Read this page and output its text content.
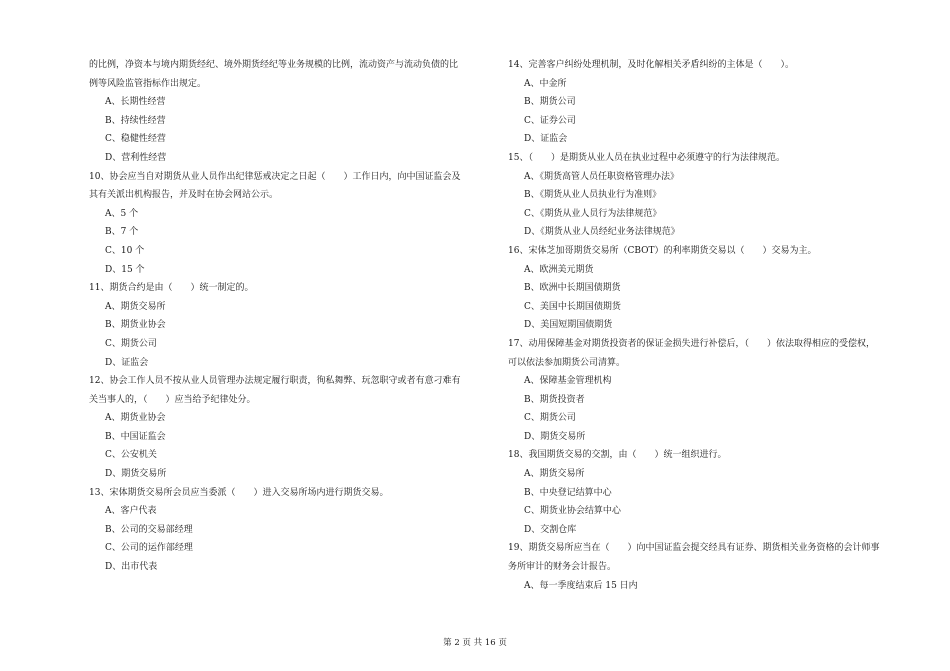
的比例，净资本与境内期货经纪、境外期货经纪等业务规模的比例，流动资产与流动负债的比
例等风险监管指标作出规定。
A、长期性经营
B、持续性经营
C、稳健性经营
D、营利性经营
10、协会应当自对期货从业人员作出纪律惩戒决定之日起（　　）工作日内，向中国证监会及
其有关派出机构报告，并及时在协会网站公示。
A、5 个
B、7 个
C、10 个
D、15 个
11、期货合约是由（　　）统一制定的。
A、期货交易所
B、期货业协会
C、期货公司
D、证监会
12、协会工作人员不按从业人员管理办法规定履行职责，徇私舞弊、玩忽职守或者有意刁难有
关当事人的，（　　）应当给予纪律处分。
A、期货业协会
B、中国证监会
C、公安机关
D、期货交易所
13、宋体期货交易所会员应当委派（　　）进入交易所场内进行期货交易。
A、客户代表
B、公司的交易部经理
C、公司的运作部经理
D、出市代表
14、完善客户纠纷处理机制，及时化解相关矛盾纠纷的主体是（　　）。
A、中金所
B、期货公司
C、证券公司
D、证监会
15、（　　）是期货从业人员在执业过程中必须遵守的行为法律规范。
A、《期货高管人员任职资格管理办法》
B、《期货从业人员执业行为准则》
C、《期货从业人员行为法律规范》
D、《期货从业人员经纪业务法律规范》
16、宋体芝加哥期货交易所（CBOT）的利率期货交易以（　　）交易为主。
A、欧洲美元期货
B、欧洲中长期国债期货
C、美国中长期国债期货
D、美国短期国债期货
17、动用保障基金对期货投资者的保证金损失进行补偿后，（　　）依法取得相应的受偿权，
可以依法参加期货公司清算。
A、保障基金管理机构
B、期货投资者
C、期货公司
D、期货交易所
18、我国期货交易的交割，由（　　）统一组织进行。
A、期货交易所
B、中央登记结算中心
C、期货业协会结算中心
D、交割仓库
19、期货交易所应当在（　　）向中国证监会提交经具有证券、期货相关业务资格的会计师事
务所审计的财务会计报告。
A、每一季度结束后 15 日内
第 2 页 共 16 页
